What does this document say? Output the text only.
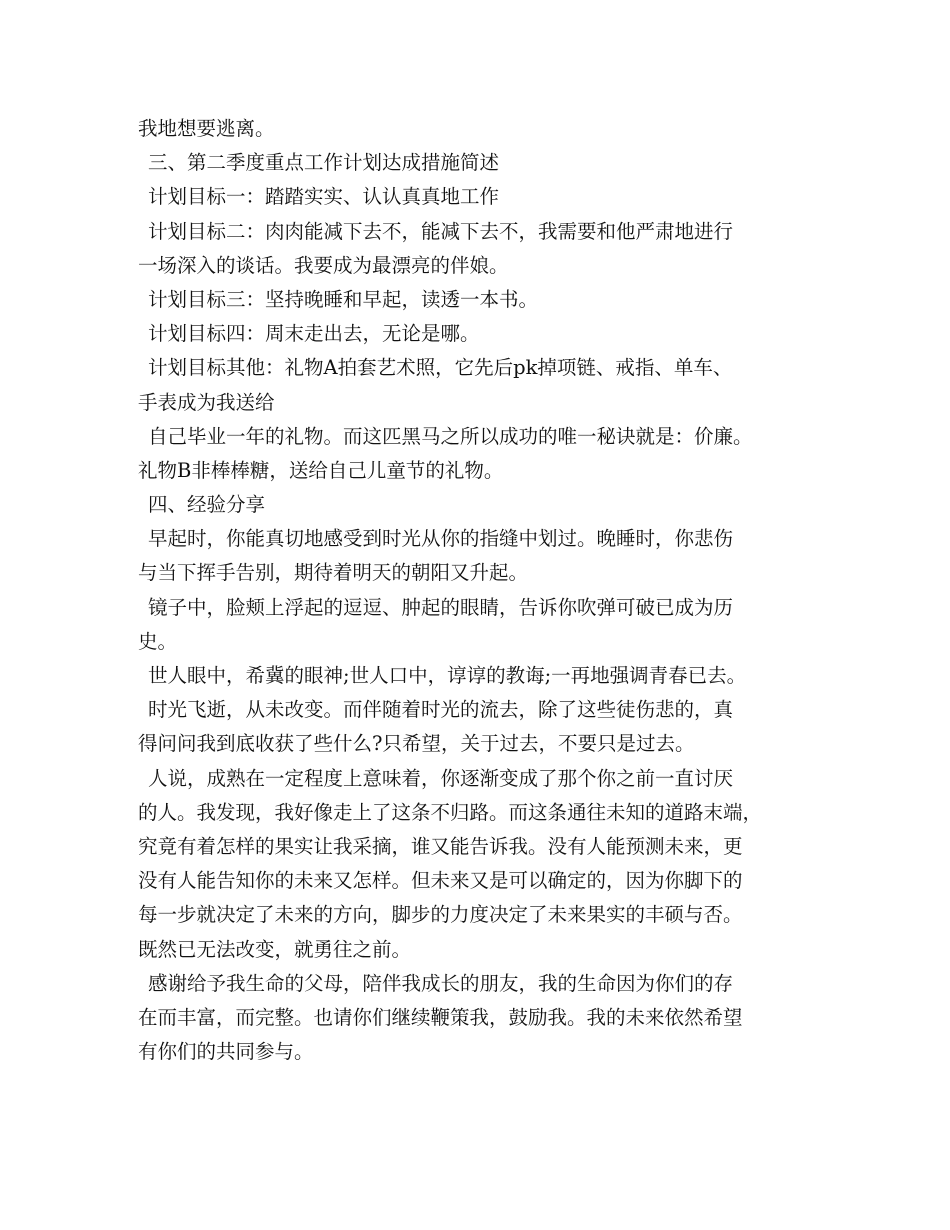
我地想要逃离。
三、第二季度重点工作计划达成措施简述
计划目标一：踏踏实实、认认真真地工作
计划目标二：肉肉能减下去不，能减下去不，我需要和他严肃地进行
一场深入的谈话。我要成为最漂亮的伴娘。
计划目标三：坚持晚睡和早起，读透一本书。
计划目标四：周末走出去，无论是哪。
计划目标其他：礼物A拍套艺术照，它先后pk掉项链、戒指、单车、
手表成为我送给
自己毕业一年的礼物。而这匹黑马之所以成功的唯一秘诀就是：价廉。
礼物B非棒棒糖，送给自己儿童节的礼物。
四、经验分享
早起时，你能真切地感受到时光从你的指缝中划过。晚睡时，你悲伤
与当下挥手告别，期待着明天的朝阳又升起。
镜子中，脸颊上浮起的逗逗、肿起的眼睛，告诉你吹弹可破已成为历
史。
世人眼中，希冀的眼神;世人口中，谆谆的教诲;一再地强调青春已去。
时光飞逝，从未改变。而伴随着时光的流去，除了这些徒伤悲的，真
得问问我到底收获了些什么?只希望，关于过去，不要只是过去。
人说，成熟在一定程度上意味着，你逐渐变成了那个你之前一直讨厌
的人。我发现，我好像走上了这条不归路。而这条通往未知的道路末端，
究竟有着怎样的果实让我采摘，谁又能告诉我。没有人能预测未来，更
没有人能告知你的未来又怎样。但未来又是可以确定的，因为你脚下的
每一步就决定了未来的方向，脚步的力度决定了未来果实的丰硕与否。
既然已无法改变，就勇往之前。
感谢给予我生命的父母，陪伴我成长的朋友，我的生命因为你们的存
在而丰富，而完整。也请你们继续鞭策我，鼓励我。我的未来依然希望
有你们的共同参与。
